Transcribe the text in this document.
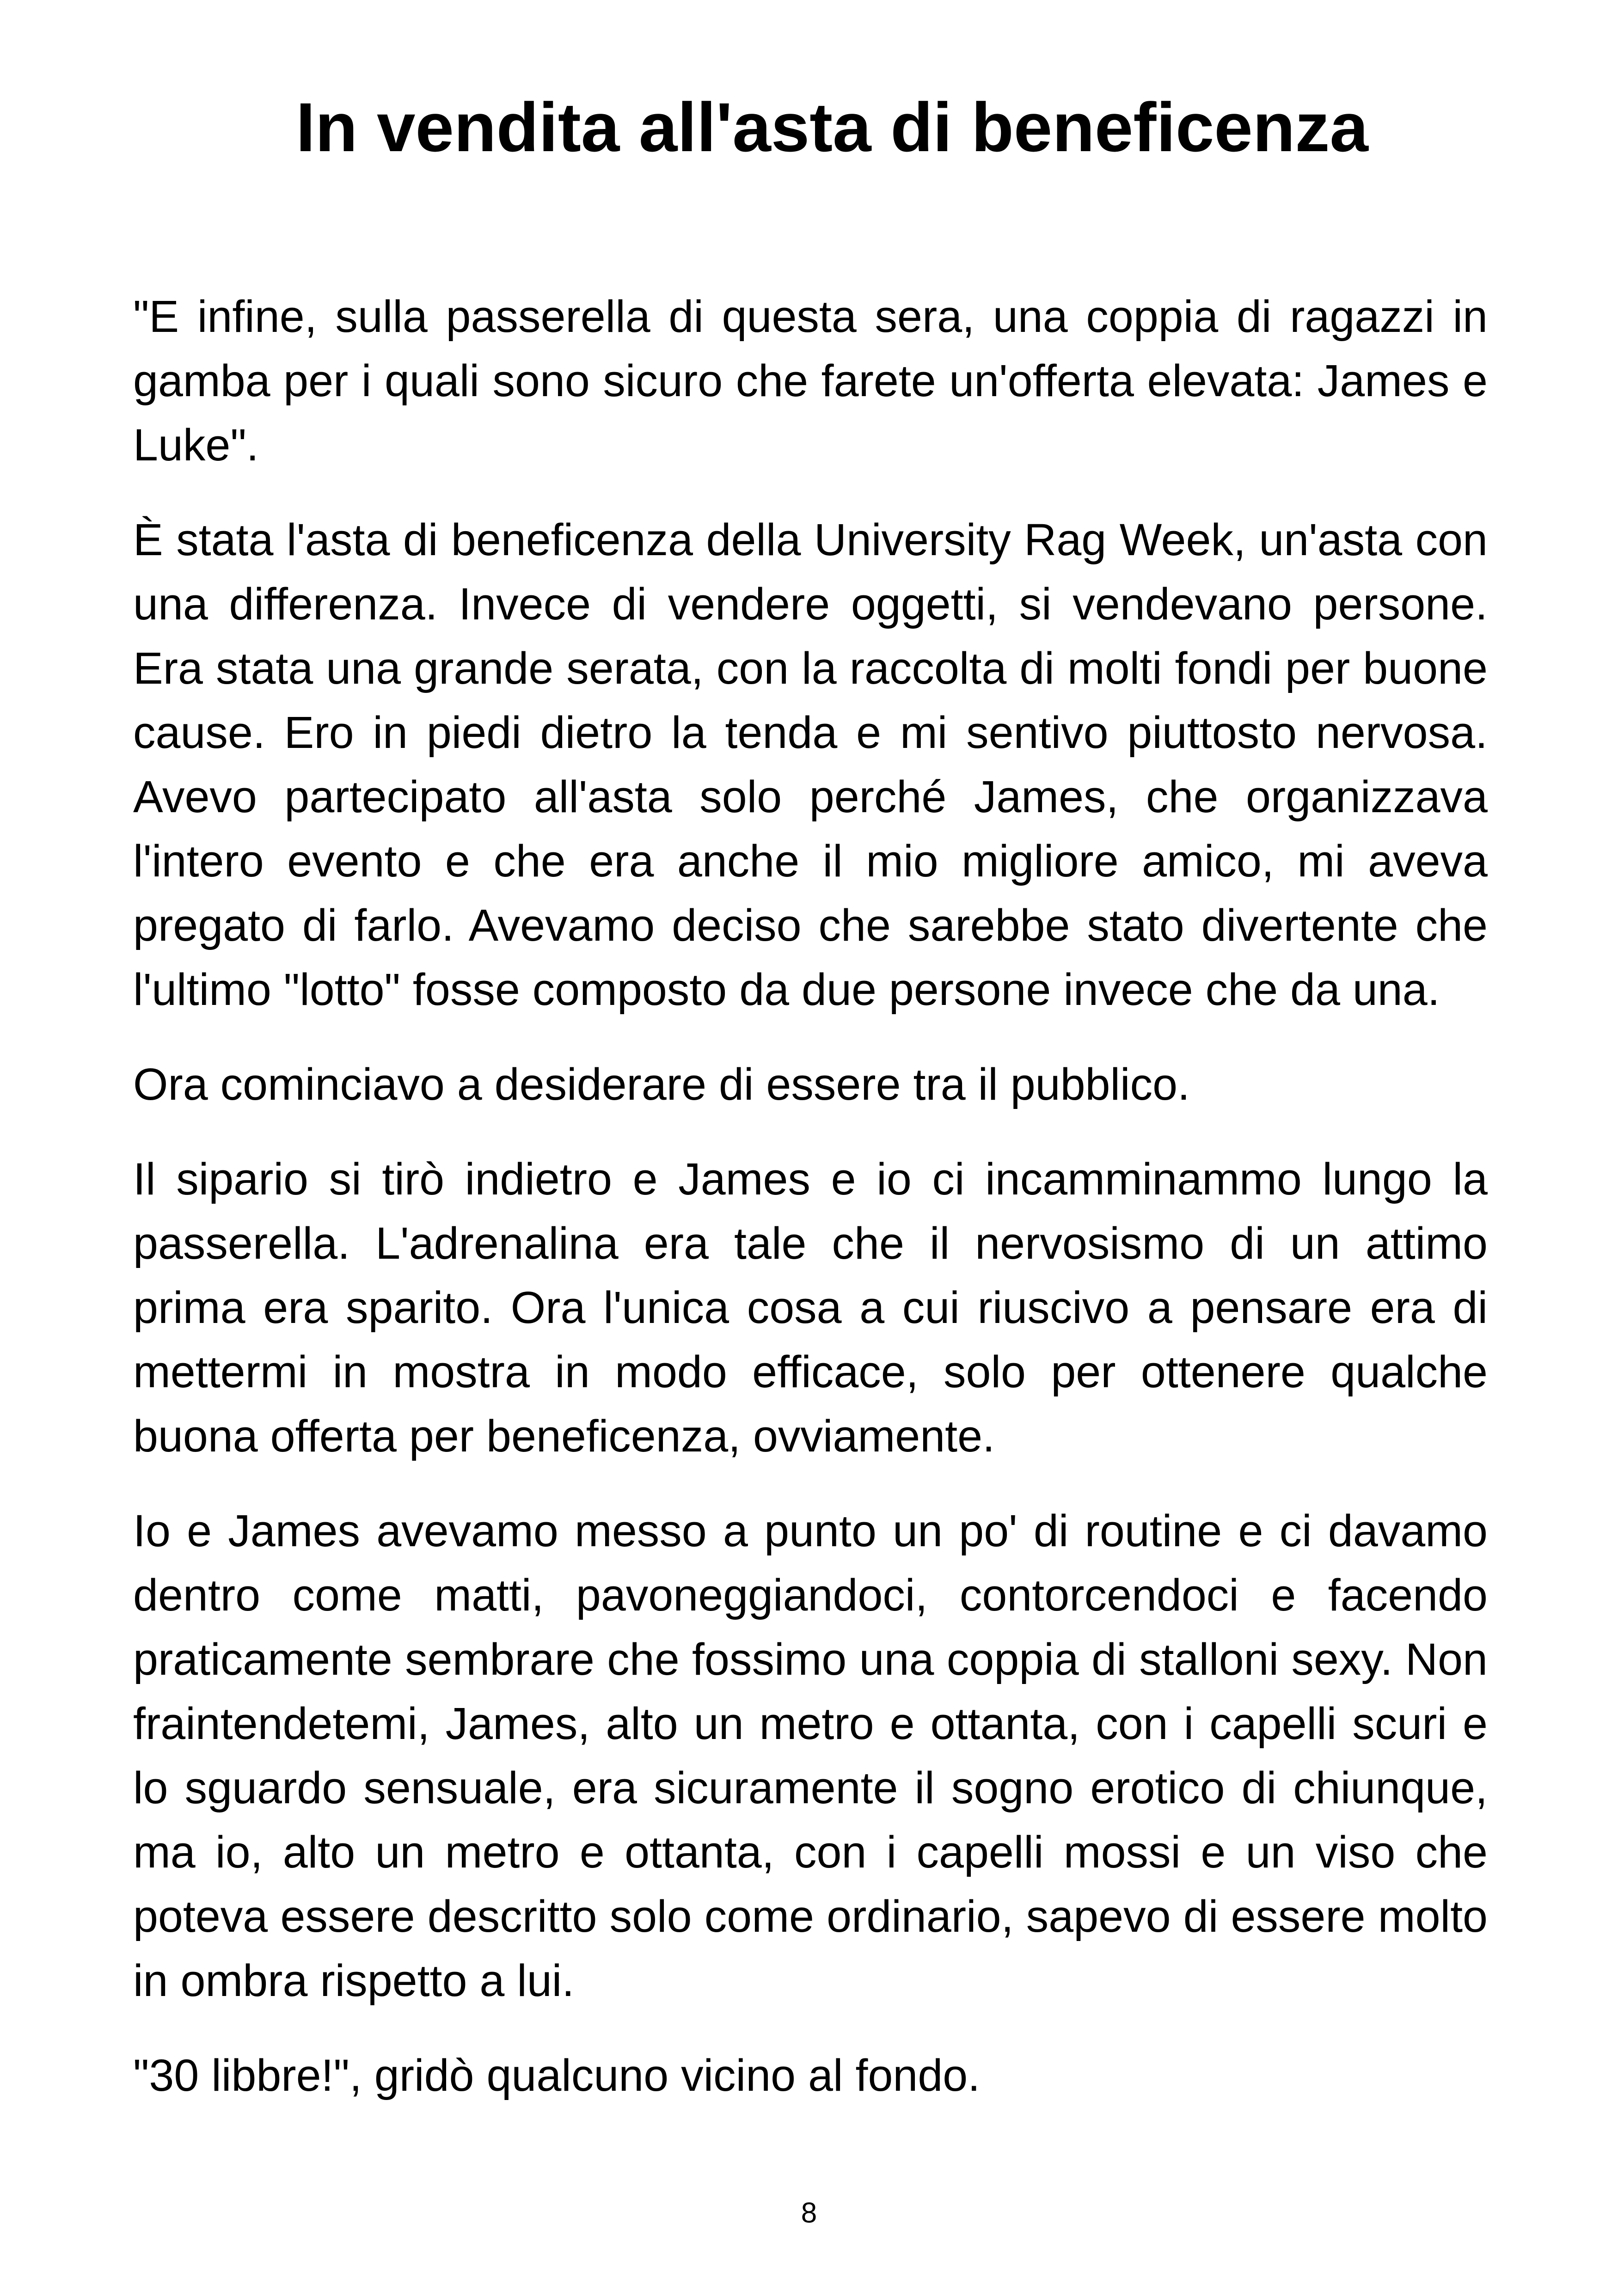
In vendita all'asta di beneficenza

"E infine, sulla passerella di questa sera, una coppia di ragazzi in gamba per i quali sono sicuro che farete un'offerta elevata: James e Luke".

È stata l'asta di beneficenza della University Rag Week, un'asta con una differenza. Invece di vendere oggetti, si vendevano persone. Era stata una grande serata, con la raccolta di molti fondi per buone cause. Ero in piedi dietro la tenda e mi sentivo piuttosto nervosa. Avevo partecipato all'asta solo perché James, che organizzava l'intero evento e che era anche il mio migliore amico, mi aveva pregato di farlo. Avevamo deciso che sarebbe stato divertente che l'ultimo "lotto" fosse composto da due persone invece che da una.

Ora cominciavo a desiderare di essere tra il pubblico.

Il sipario si tirò indietro e James e io ci incamminammo lungo la passerella. L'adrenalina era tale che il nervosismo di un attimo prima era sparito. Ora l'unica cosa a cui riuscivo a pensare era di mettermi in mostra in modo efficace, solo per ottenere qualche buona offerta per beneficenza, ovviamente.

Io e James avevamo messo a punto un po' di routine e ci davamo dentro come matti, pavoneggiandoci, contorcendoci e facendo praticamente sembrare che fossimo una coppia di stalloni sexy. Non fraintendetemi, James, alto un metro e ottanta, con i capelli scuri e lo sguardo sensuale, era sicuramente il sogno erotico di chiunque, ma io, alto un metro e ottanta, con i capelli mossi e un viso che poteva essere descritto solo come ordinario, sapevo di essere molto in ombra rispetto a lui.

"30 libbre!", gridò qualcuno vicino al fondo.

8
